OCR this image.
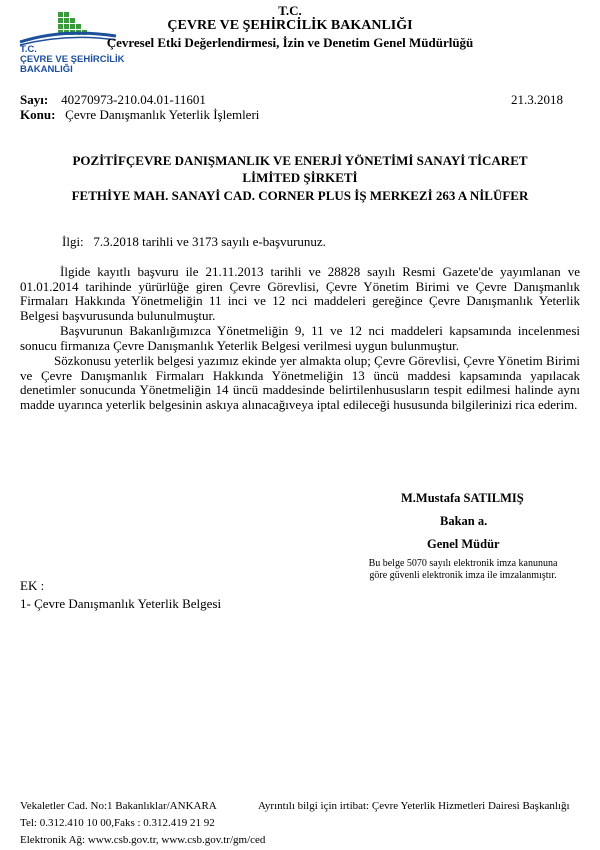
T.C.
ÇEVRE VE ŞEHİRCİLİK
BAKANLIĞI
T.C.
ÇEVRE VE ŞEHİRCİLİK BAKANLIĞI
Çevresel Etki Değerlendirmesi, İzin ve Denetim Genel Müdürlüğü
Sayı: 40270973-210.04.01-11601	21.3.2018
Konu: Çevre Danışmanlık Yeterlik İşlemleri
POZİTİFÇEVRE DANIŞMANLIK VE ENERJİ YÖNETİMİ SANAYİ TİCARET
LİMİTED ŞİRKETİ
FETHİYE MAH. SANAYİ CAD. CORNER PLUS İŞ MERKEZİ 263 A NİLÜFER
İlgi: 7.3.2018 tarihli ve 3173 sayılı e-başvurunuz.
İlgide kayıtlı başvuru ile 21.11.2013 tarihli ve 28828 sayılı Resmi Gazete'de yayımlanan ve 01.01.2014 tarihinde yürürlüğe giren Çevre Görevlisi, Çevre Yönetim Birimi ve Çevre Danışmanlık Firmaları Hakkında Yönetmeliğin 11 inci ve 12 nci maddeleri gereğince Çevre Danışmanlık Yeterlik Belgesi başvurusunda bulunulmuştur.
Başvurunun Bakanlığımızca Yönetmeliğin 9, 11 ve 12 nci maddeleri kapsamında incelenmesi sonucu firmanıza Çevre Danışmanlık Yeterlik Belgesi verilmesi uygun bulunmuştur.
Sözkonusu yeterlik belgesi yazımız ekinde yer almakta olup; Çevre Görevlisi, Çevre Yönetim Birimi ve Çevre Danışmanlık Firmaları Hakkında Yönetmeliğin 13 üncü maddesi kapsamında yapılacak denetimler sonucunda Yönetmeliğin 14 üncü maddesinde belirtilenhususların tespit edilmesi halinde aynı madde uyarınca yeterlik belgesinin askıya alınacağıveya iptal edileceği hususunda bilgilerinizi rica ederim.
M.Mustafa SATILMIŞ
Bakan a.
Genel Müdür
Bu belge 5070 sayılı elektronik imza kanununa
göre güvenli elektronik imza ile imzalanmıştır.
EK :
1- Çevre Danışmanlık Yeterlik Belgesi
Vekaletler Cad. No:1 Bakanlıklar/ANKARA	Ayrıntılı bilgi için irtibat: Çevre Yeterlik Hizmetleri Dairesi Başkanlığı
Tel: 0.312.410 10 00,Faks : 0.312.419 21 92
Elektronik Ağ: www.csb.gov.tr, www.csb.gov.tr/gm/ced
